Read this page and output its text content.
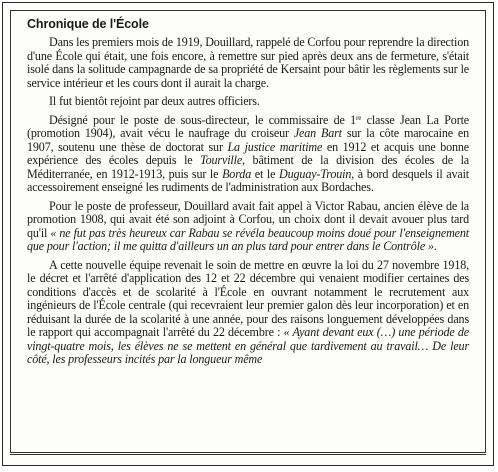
Chronique de l'École

Dans les premiers mois de 1919, Douillard, rappelé de Corfou pour reprendre la direction d'une École qui était, une fois encore, à remettre sur pied après deux ans de fermeture, s'était isolé dans la solitude campagnarde de sa propriété de Kersaint pour bâtir les règlements sur le service intérieur et les cours dont il aurait la charge.

Il fut bientôt rejoint par deux autres officiers.

Désigné pour le poste de sous-directeur, le commissaire de 1re classe Jean La Porte (promotion 1904), avait vécu le naufrage du croiseur Jean Bart sur la côte marocaine en 1907, soutenu une thèse de doctorat sur La justice maritime en 1912 et acquis une bonne expérience des écoles depuis le Tourville, bâtiment de la division des écoles de la Méditerranée, en 1912-1913, puis sur le Borda et le Duguay-Trouin, à bord desquels il avait accessoirement enseigné les rudiments de l'administration aux Bordaches.

Pour le poste de professeur, Douillard avait fait appel à Victor Rabau, ancien élève de la promotion 1908, qui avait été son adjoint à Corfou, un choix dont il devait avouer plus tard qu'il « ne fut pas très heureux car Rabau se révéla beaucoup moins doué pour l'enseignement que pour l'action; il me quitta d'ailleurs un an plus tard pour entrer dans le Contrôle ».

A cette nouvelle équipe revenait le soin de mettre en œuvre la loi du 27 novembre 1918, le décret et l'arrêté d'application des 12 et 22 décembre qui venaient modifier certaines des conditions d'accès et de scolarité à l'École en ouvrant notamment le recrutement aux ingénieurs de l'École centrale (qui recevraient leur premier galon dès leur incorporation) et en réduisant la durée de la scolarité à une année, pour des raisons longuement développées dans le rapport qui accompagnait l'arrêté du 22 décembre : « Ayant devant eux (…) une période de vingt-quatre mois, les élèves ne se mettent en général que tardivement au travail… De leur côté, les professeurs incités par la longueur même
